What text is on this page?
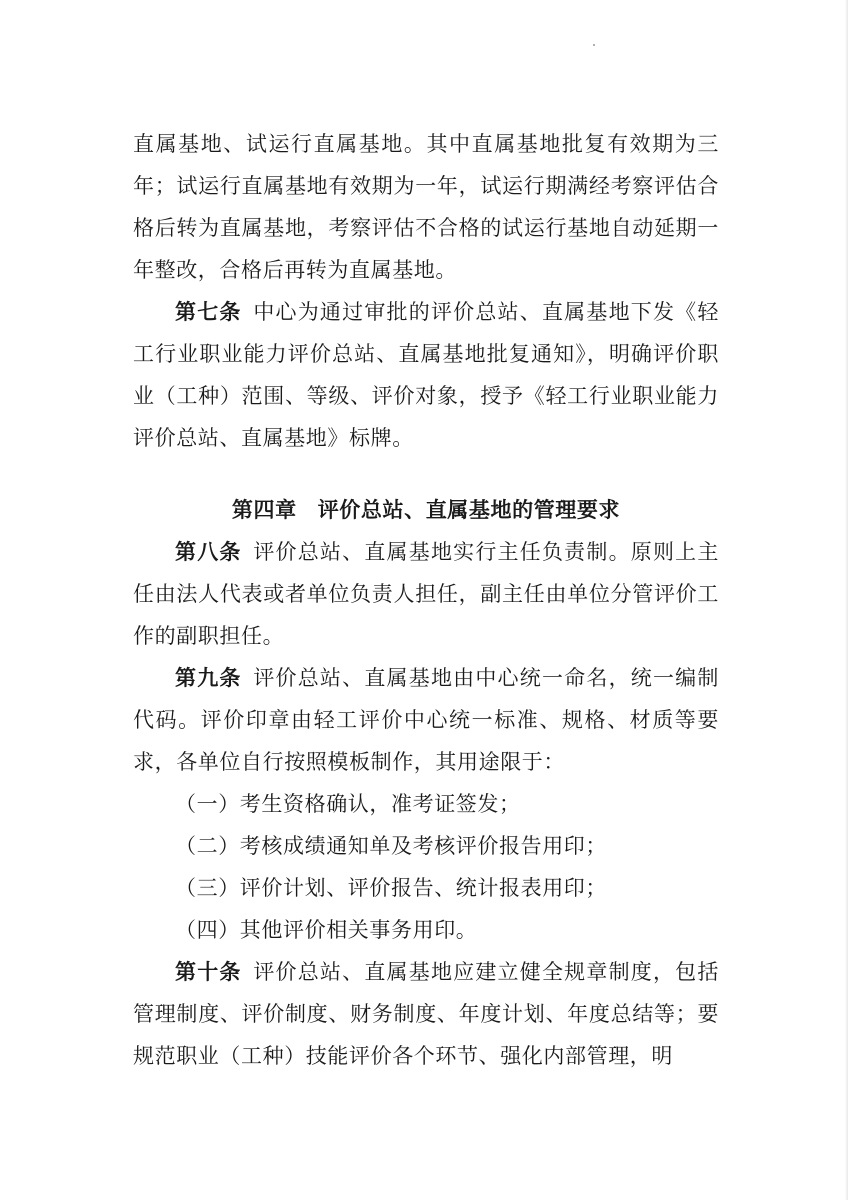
直属基地、试运行直属基地。其中直属基地批复有效期为三年；试运行直属基地有效期为一年，试运行期满经考察评估合格后转为直属基地，考察评估不合格的试运行基地自动延期一年整改，合格后再转为直属基地。

第七条  中心为通过审批的评价总站、直属基地下发《轻工行业职业能力评价总站、直属基地批复通知》，明确评价职业（工种）范围、等级、评价对象，授予《轻工行业职业能力评价总站、直属基地》标牌。

第四章 评价总站、直属基地的管理要求

第八条  评价总站、直属基地实行主任负责制。原则上主任由法人代表或者单位负责人担任，副主任由单位分管评价工作的副职担任。

第九条  评价总站、直属基地由中心统一命名，统一编制代码。评价印章由轻工评价中心统一标准、规格、材质等要求，各单位自行按照模板制作，其用途限于：

（一）考生资格确认，准考证签发；

（二）考核成绩通知单及考核评价报告用印；

（三）评价计划、评价报告、统计报表用印；

（四）其他评价相关事务用印。

第十条  评价总站、直属基地应建立健全规章制度，包括管理制度、评价制度、财务制度、年度计划、年度总结等；要规范职业（工种）技能评价各个环节、强化内部管理，明
